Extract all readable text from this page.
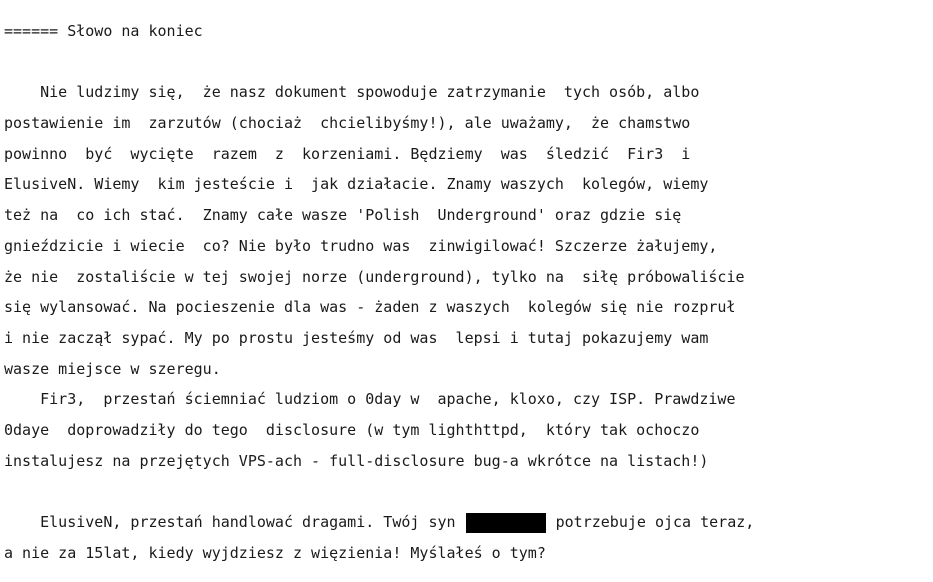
====== Słowo na koniec
Nie ludzimy się,  że nasz dokument spowoduje zatrzymanie  tych osób, albo
postawienie im  zarzutów (chociaż  chcielibyśmy!), ale uważamy,  że chamstwo
powinno  być  wycięte  razem  z  korzeniami. Będziemy  was  śledzić  Fir3  i
ElusiveN. Wiemy  kim jesteście i  jak działacie. Znamy waszych  kolegów, wiemy
też na  co ich stać.  Znamy całe wasze 'Polish  Underground' oraz gdzie się
gnieździcie i wiecie  co? Nie było trudno was  zinwigilować! Szczerze żałujemy,
że nie  zostaliście w tej swojej norze (underground), tylko na  siłę próbowaliście
się wylansować. Na pocieszenie dla was - żaden z waszych  kolegów się nie rozpruł
i nie zaczął sypać. My po prostu jesteśmy od was  lepsi i tutaj pokazujemy wam
wasze miejsce w szeregu.
Fir3,  przestań ściemniać ludziom o 0day w  apache, kloxo, czy ISP. Prawdziwe
0daye  doprowadziły do tego  disclosure (w tym lighthttpd,  który tak ochoczo
instalujesz na przejętych VPS-ach - full-disclosure bug-a wkrótce na listach!)
ElusiveN, przestań handlować dragami. Twój syn	potrzebuje ojca teraz,
a nie za 15lat, kiedy wyjdziesz z więzienia! Myślałeś o tym?
